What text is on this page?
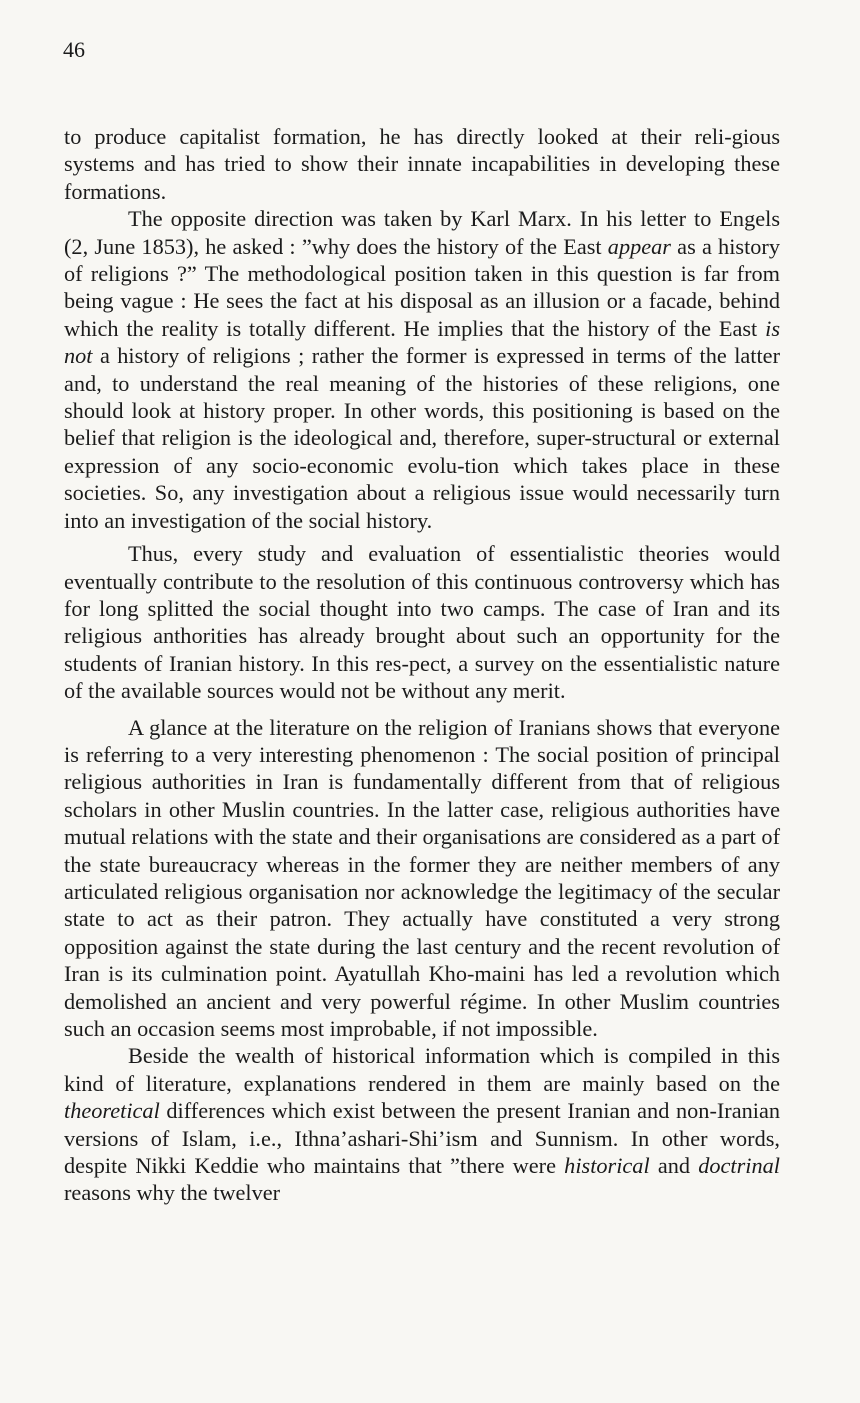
46

to produce capitalist formation, he has directly looked at their reli-gious systems and has tried to show their innate incapabilities in developing these formations.

The opposite direction was taken by Karl Marx. In his letter to Engels (2, June 1853), he asked : ”why does the history of the East appear as a history of religions ?” The methodological position taken in this question is far from being vague : He sees the fact at his disposal as an illusion or a facade, behind which the reality is totally different. He implies that the history of the East is not a history of religions ; rather the former is expressed in terms of the latter and, to understand the real meaning of the histories of these religions, one should look at history proper. In other words, this positioning is based on the belief that religion is the ideological and, therefore, super-structural or external expression of any socio-economic evolu-tion which takes place in these societies. So, any investigation about a religious issue would necessarily turn into an investigation of the social history.

Thus, every study and evaluation of essentialistic theories would eventually contribute to the resolution of this continuous controversy which has for long splitted the social thought into two camps. The case of Iran and its religious anthorities has already brought about such an opportunity for the students of Iranian history. In this res-pect, a survey on the essentialistic nature of the available sources would not be without any merit.

A glance at the literature on the religion of Iranians shows that everyone is referring to a very interesting phenomenon : The social position of principal religious authorities in Iran is fundamentally different from that of religious scholars in other Muslin countries. In the latter case, religious authorities have mutual relations with the state and their organisations are considered as a part of the state bureaucracy whereas in the former they are neither members of any articulated religious organisation nor acknowledge the legitimacy of the secular state to act as their patron. They actually have constituted a very strong opposition against the state during the last century and the recent revolution of Iran is its culmination point. Ayatullah Kho-maini has led a revolution which demolished an ancient and very powerful régime. In other Muslim countries such an occasion seems most improbable, if not impossible.

Beside the wealth of historical information which is compiled in this kind of literature, explanations rendered in them are mainly based on the theoretical differences which exist between the present Iranian and non-Iranian versions of Islam, i.e., Ithna’ashari-Shi’ism and Sunnism. In other words, despite Nikki Keddie who maintains that ”there were historical and doctrinal reasons why the twelver
